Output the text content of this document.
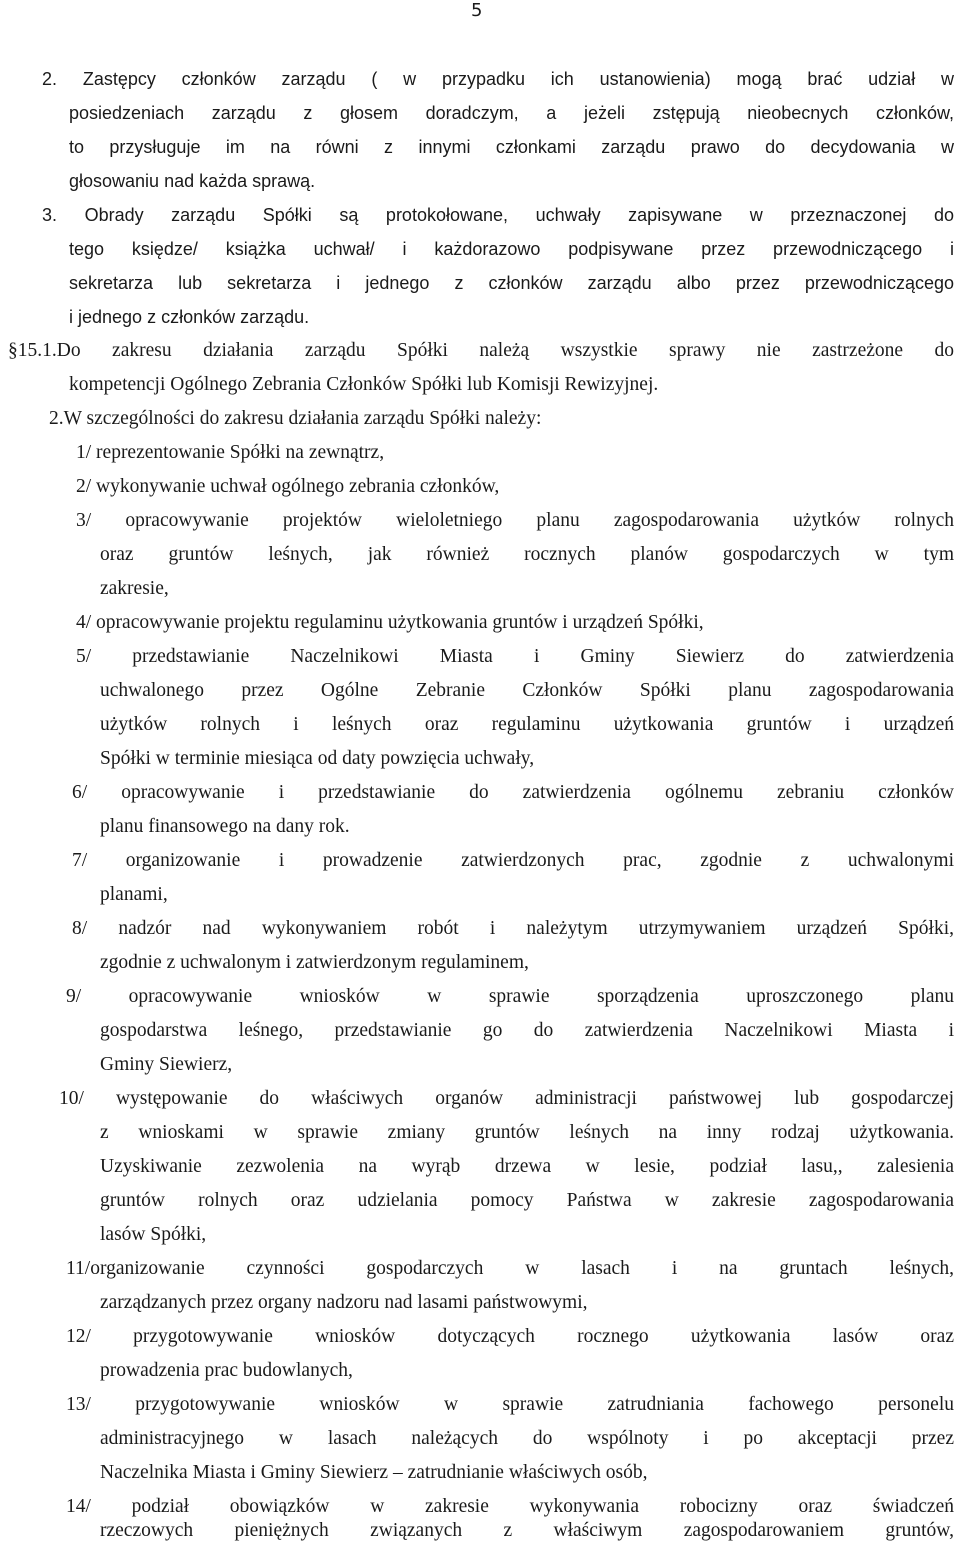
5
2. Zastępcy członków zarządu ( w przypadku ich ustanowienia) mogą brać udział w
posiedzeniach zarządu z głosem doradczym, a jeżeli zstępują nieobecnych członków,
to przysługuje im na równi z innymi członkami zarządu prawo do decydowania w
głosowaniu nad każda sprawą.
3. Obrady zarządu Spółki są protokołowane, uchwały zapisywane w przeznaczonej do
tego księdze/ książka uchwał/ i każdorazowo podpisywane przez przewodniczącego i
sekretarza lub sekretarza i jednego z członków zarządu albo przez przewodniczącego
i jednego z członków zarządu.
§15.1.Do zakresu działania zarządu Spółki należą wszystkie sprawy nie zastrzeżone do
kompetencji Ogólnego Zebrania Członków Spółki lub Komisji Rewizyjnej.
2.W szczególności do zakresu działania zarządu Spółki należy:
1/ reprezentowanie Spółki na zewnątrz,
2/ wykonywanie uchwał ogólnego zebrania członków,
3/ opracowywanie projektów wieloletniego planu zagospodarowania użytków rolnych
oraz gruntów leśnych, jak również rocznych planów gospodarczych w tym
zakresie,
4/ opracowywanie projektu regulaminu użytkowania gruntów i urządzeń Spółki,
5/ przedstawianie Naczelnikowi Miasta i Gminy Siewierz do zatwierdzenia
uchwalonego przez Ogólne Zebranie Członków Spółki planu zagospodarowania
użytków rolnych i leśnych oraz regulaminu użytkowania gruntów i urządzeń
Spółki w terminie miesiąca od daty powzięcia uchwały,
6/ opracowywanie i przedstawianie do zatwierdzenia ogólnemu zebraniu członków
planu finansowego na dany rok.
7/ organizowanie i prowadzenie zatwierdzonych prac, zgodnie z uchwalonymi
planami,
8/ nadzór nad wykonywaniem robót i należytym utrzymywaniem urządzeń Spółki,
zgodnie z uchwalonym i zatwierdzonym regulaminem,
9/ opracowywanie wniosków w sprawie sporządzenia uproszczonego planu
gospodarstwa leśnego, przedstawianie go do zatwierdzenia Naczelnikowi Miasta i
Gminy Siewierz,
10/ występowanie do właściwych organów administracji państwowej lub gospodarczej
z wnioskami w sprawie zmiany gruntów leśnych na inny rodzaj użytkowania.
Uzyskiwanie zezwolenia na wyrąb drzewa w lesie, podział lasu,, zalesienia
gruntów rolnych oraz udzielania pomocy Państwa w zakresie zagospodarowania
lasów Spółki,
11/organizowanie czynności gospodarczych w lasach i na gruntach leśnych,
zarządzanych przez organy nadzoru nad lasami państwowymi,
12/ przygotowywanie wniosków dotyczących rocznego użytkowania lasów oraz
prowadzenia prac budowlanych,
13/ przygotowywanie wniosków w sprawie zatrudniania fachowego personelu
administracyjnego w lasach należących do wspólnoty i po akceptacji przez
Naczelnika Miasta i Gminy Siewierz – zatrudnianie właściwych osób,
14/ podział obowiązków w zakresie wykonywania robocizny oraz świadczeń
rzeczowych pieniężnych związanych z właściwym zagospodarowaniem gruntów,
